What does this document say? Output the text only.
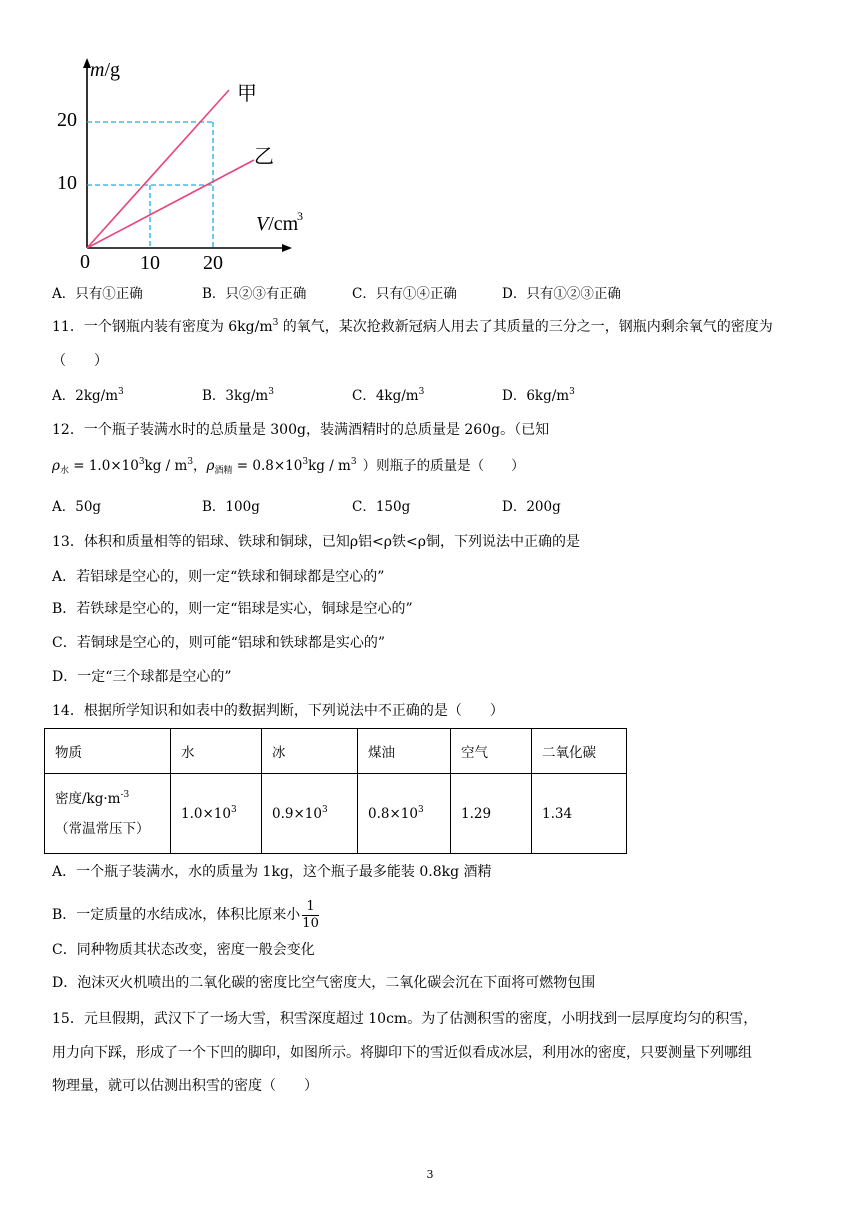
m/g
20
10
0	10 20
V/cm
3
甲
乙
A．只有①正确	B．只②③有正确	C．只有①④正确	D．只有①②③正确
11．一个钢瓶内装有密度为 $6kg/m^3$ 的氧气，某次抢救新冠病人用去了其质量的三分之一，钢瓶内剩余氧气的密度为
（　　）
A．$2kg/m^3$	B．$3kg/m^3$	C．$4kg/m^3$	D．$6kg/m^3$
12．一个瓶子装满水时的总质量是 300g，装满酒精时的总质量是 260g。（已知
$\rho_水 = 1.0\times 10^3kg / m^3$，$\rho_{酒精} = 0.8\times 10^3kg / m^3$ ）则瓶子的质量是（　　）
A．50g	B．100g	C．150g	D．200g
13．体积和质量相等的铝球、铁球和铜球，已知ρ铝<ρ铁<ρ铜，下列说法中正确的是
A．若铝球是空心的，则一定“铁球和铜球都是空心的”
B．若铁球是空心的，则一定“铝球是实心，铜球是空心的”
C．若铜球是空心的，则可能“铝球和铁球都是实心的”
D．一定“三个球都是空心的”
14．根据所学知识和如表中的数据判断，下列说法中不正确的是（　　）
物质	水	冰	煤油	空气	二氧化碳
密度$/kg\cdot m^{-3}$
（常温常压下）	$1.0\times 10^3$	$0.9\times 10^3$	$0.8\times 10^3$	1.29	1.34
A．一个瓶子装满水，水的质量为 1kg，这个瓶子最多能装 0.8kg 酒精
B．一定质量的水结成冰，体积比原来小 $\frac{1}{10}$
C．同种物质其状态改变，密度一般会变化
D．泡沫灭火机喷出的二氧化碳的密度比空气密度大，二氧化碳会沉在下面将可燃物包围
15．元旦假期，武汉下了一场大雪，积雪深度超过 10cm。为了估测积雪的密度，小明找到一层厚度均匀的积雪，
用力向下踩，形成了一个下凹的脚印，如图所示。将脚印下的雪近似看成冰层，利用冰的密度，只要测量下列哪组
物理量，就可以估测出积雪的密度（　　）
3
